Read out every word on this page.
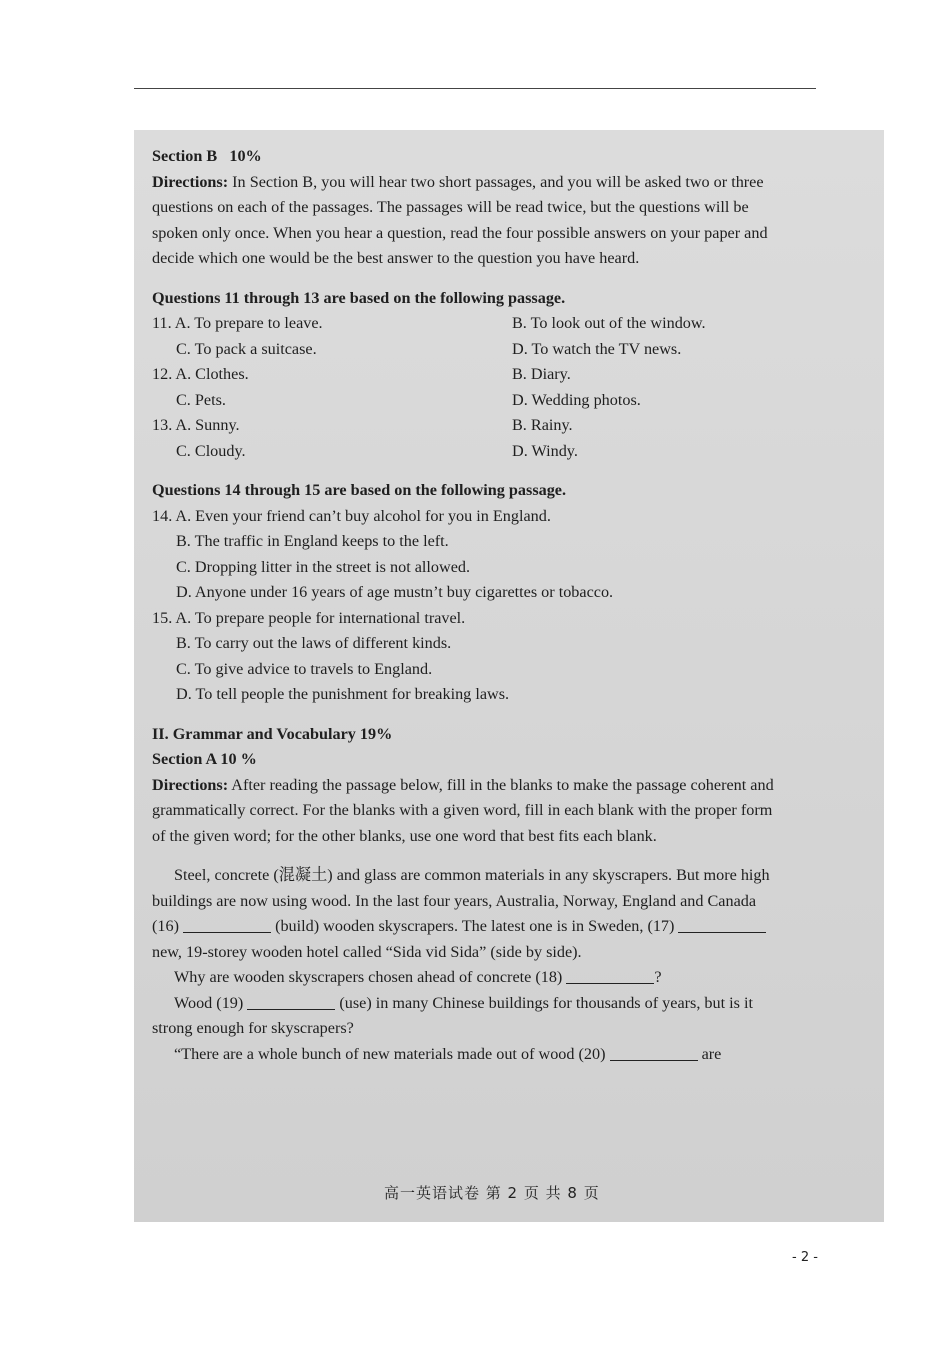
Section B 10%
Directions: In Section B, you will hear two short passages, and you will be asked two or three
questions on each of the passages. The passages will be read twice, but the questions will be
spoken only once. When you hear a question, read the four possible answers on your paper and
decide which one would be the best answer to the question you have heard.
Questions 11 through 13 are based on the following passage.
11. A. To prepare to leave.	B. To look out of the window.
C. To pack a suitcase.	D. To watch the TV news.
12. A. Clothes.	B. Diary.
C. Pets.	D. Wedding photos.
13. A. Sunny.	B. Rainy.
C. Cloudy.	D. Windy.
Questions 14 through 15 are based on the following passage.
14. A. Even your friend can’t buy alcohol for you in England.
B. The traffic in England keeps to the left.
C. Dropping litter in the street is not allowed.
D. Anyone under 16 years of age mustn’t buy cigarettes or tobacco.
15. A. To prepare people for international travel.
B. To carry out the laws of different kinds.
C. To give advice to travels to England.
D. To tell people the punishment for breaking laws.
II. Grammar and Vocabulary 19%
Section A 10 %
Directions: After reading the passage below, fill in the blanks to make the passage coherent and
grammatically correct. For the blanks with a given word, fill in each blank with the proper form
of the given word; for the other blanks, use one word that best fits each blank.
Steel, concrete (混凝土) and glass are common materials in any skyscrapers. But more high
buildings are now using wood. In the last four years, Australia, Norway, England and Canada
(16)	(build) wooden skyscrapers. The latest one is in Sweden, (17)
new, 19-storey wooden hotel called “Sida vid Sida” (side by side).
Why are wooden skyscrapers chosen ahead of concrete (18)	?
Wood (19)	(use) in many Chinese buildings for thousands of years, but is it
strong enough for skyscrapers?
“There are a whole bunch of new materials made out of wood (20)	are
高一英语试卷 第 2 页 共 8 页
- 2 -
